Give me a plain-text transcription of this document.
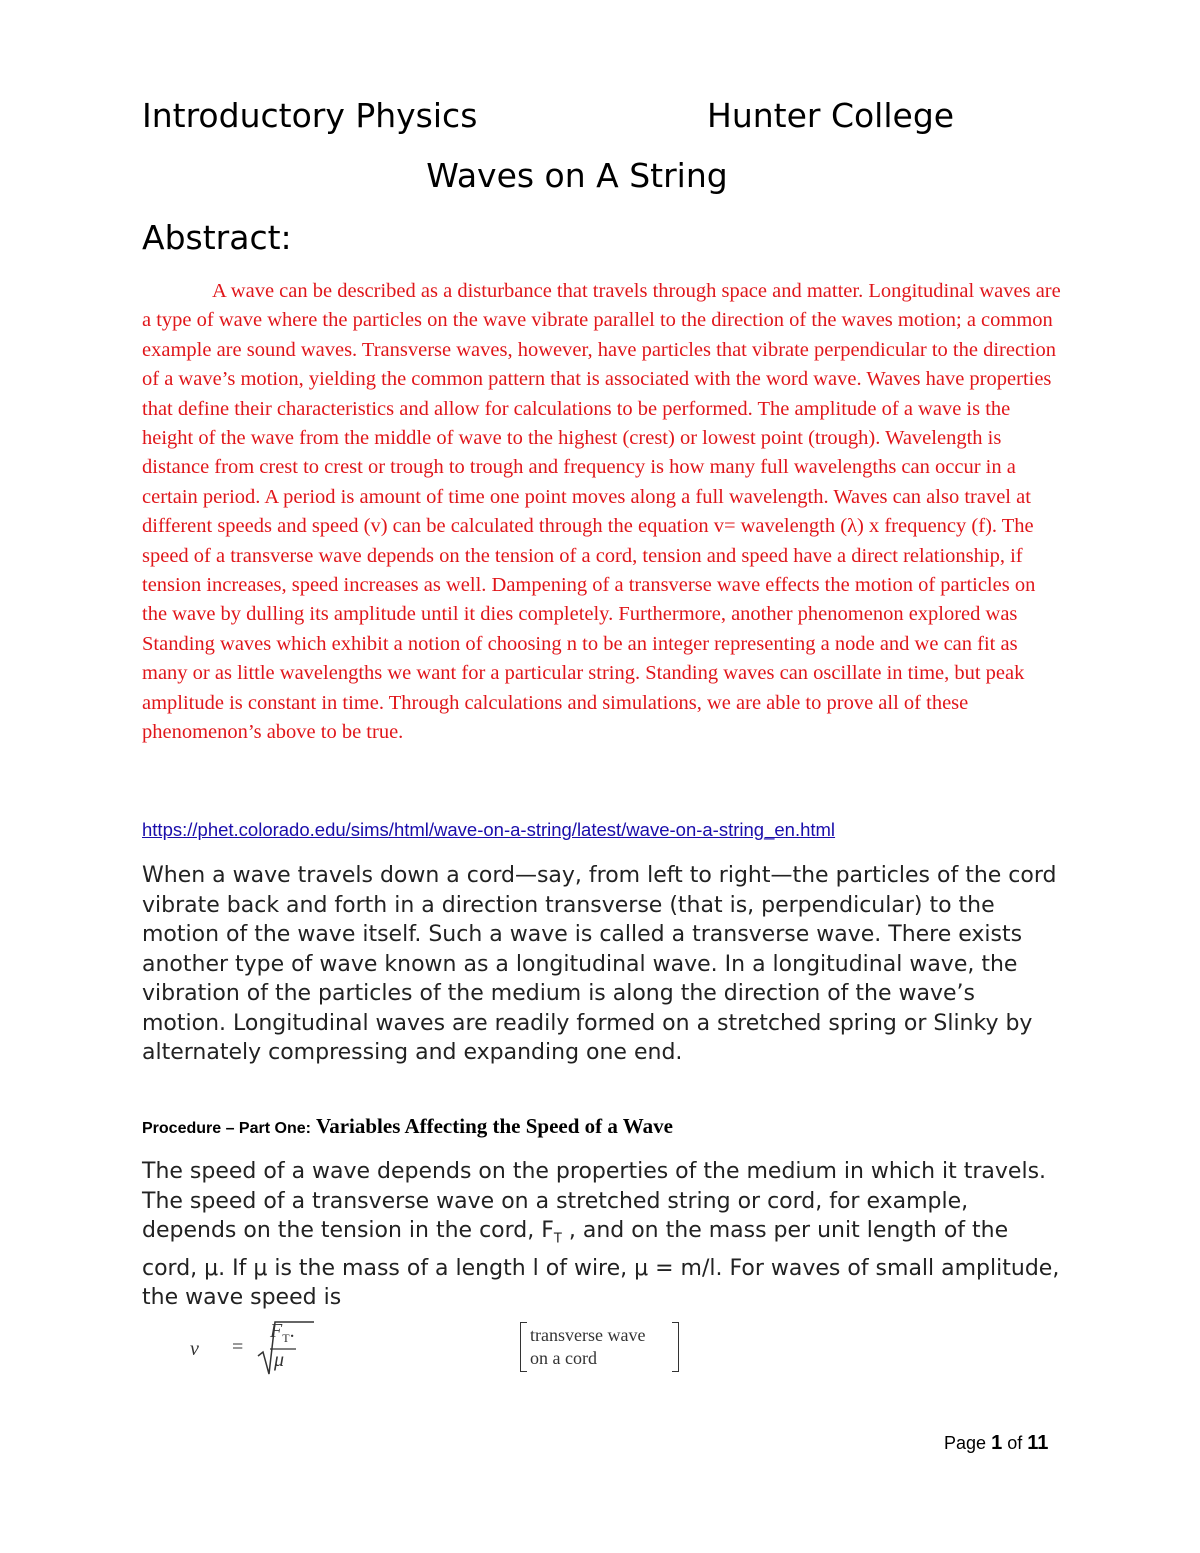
Introductory Physics	Hunter College
Waves on A String
Abstract:

A wave can be described as a disturbance that travels through space and matter. Longitudinal waves are a type of wave where the particles on the wave vibrate parallel to the direction of the waves motion; a common example are sound waves. Transverse waves, however, have particles that vibrate perpendicular to the direction of a wave’s motion, yielding the common pattern that is associated with the word wave. Waves have properties that define their characteristics and allow for calculations to be performed. The amplitude of a wave is the height of the wave from the middle of wave to the highest (crest) or lowest point (trough). Wavelength is distance from crest to crest or trough to trough and frequency is how many full wavelengths can occur in a certain period. A period is amount of time one point moves along a full wavelength. Waves can also travel at different speeds and speed (v) can be calculated through the equation v= wavelength (λ) x frequency (f). The speed of a transverse wave depends on the tension of a cord, tension and speed have a direct relationship, if tension increases, speed increases as well. Dampening of a transverse wave effects the motion of particles on the wave by dulling its amplitude until it dies completely. Furthermore, another phenomenon explored was Standing waves which exhibit a notion of choosing n to be an integer representing a node and we can fit as many or as little wavelengths we want for a particular string. Standing waves can oscillate in time, but peak amplitude is constant in time. Through calculations and simulations, we are able to prove all of these phenomenon’s above to be true.

https://phet.colorado.edu/sims/html/wave-on-a-string/latest/wave-on-a-string_en.html

When a wave travels down a cord—say, from left to right—the particles of the cord vibrate back and forth in a direction transverse (that is, perpendicular) to the motion of the wave itself. Such a wave is called a transverse wave. There exists another type of wave known as a longitudinal wave. In a longitudinal wave, the vibration of the particles of the medium is along the direction of the wave’s motion. Longitudinal waves are readily formed on a stretched spring or Slinky by alternately compressing and expanding one end.

Procedure – Part One: Variables Affecting the Speed of a Wave

The speed of a wave depends on the properties of the medium in which it travels. The speed of a transverse wave on a stretched string or cord, for example, depends on the tension in the cord, $F_T$ , and on the mass per unit length of the cord, μ. If μ is the mass of a length l of wire, μ = m/l. For waves of small amplitude, the wave speed is

v =
$F_T$.
μ
transverse wave
on a cord
Page 1 of 11
